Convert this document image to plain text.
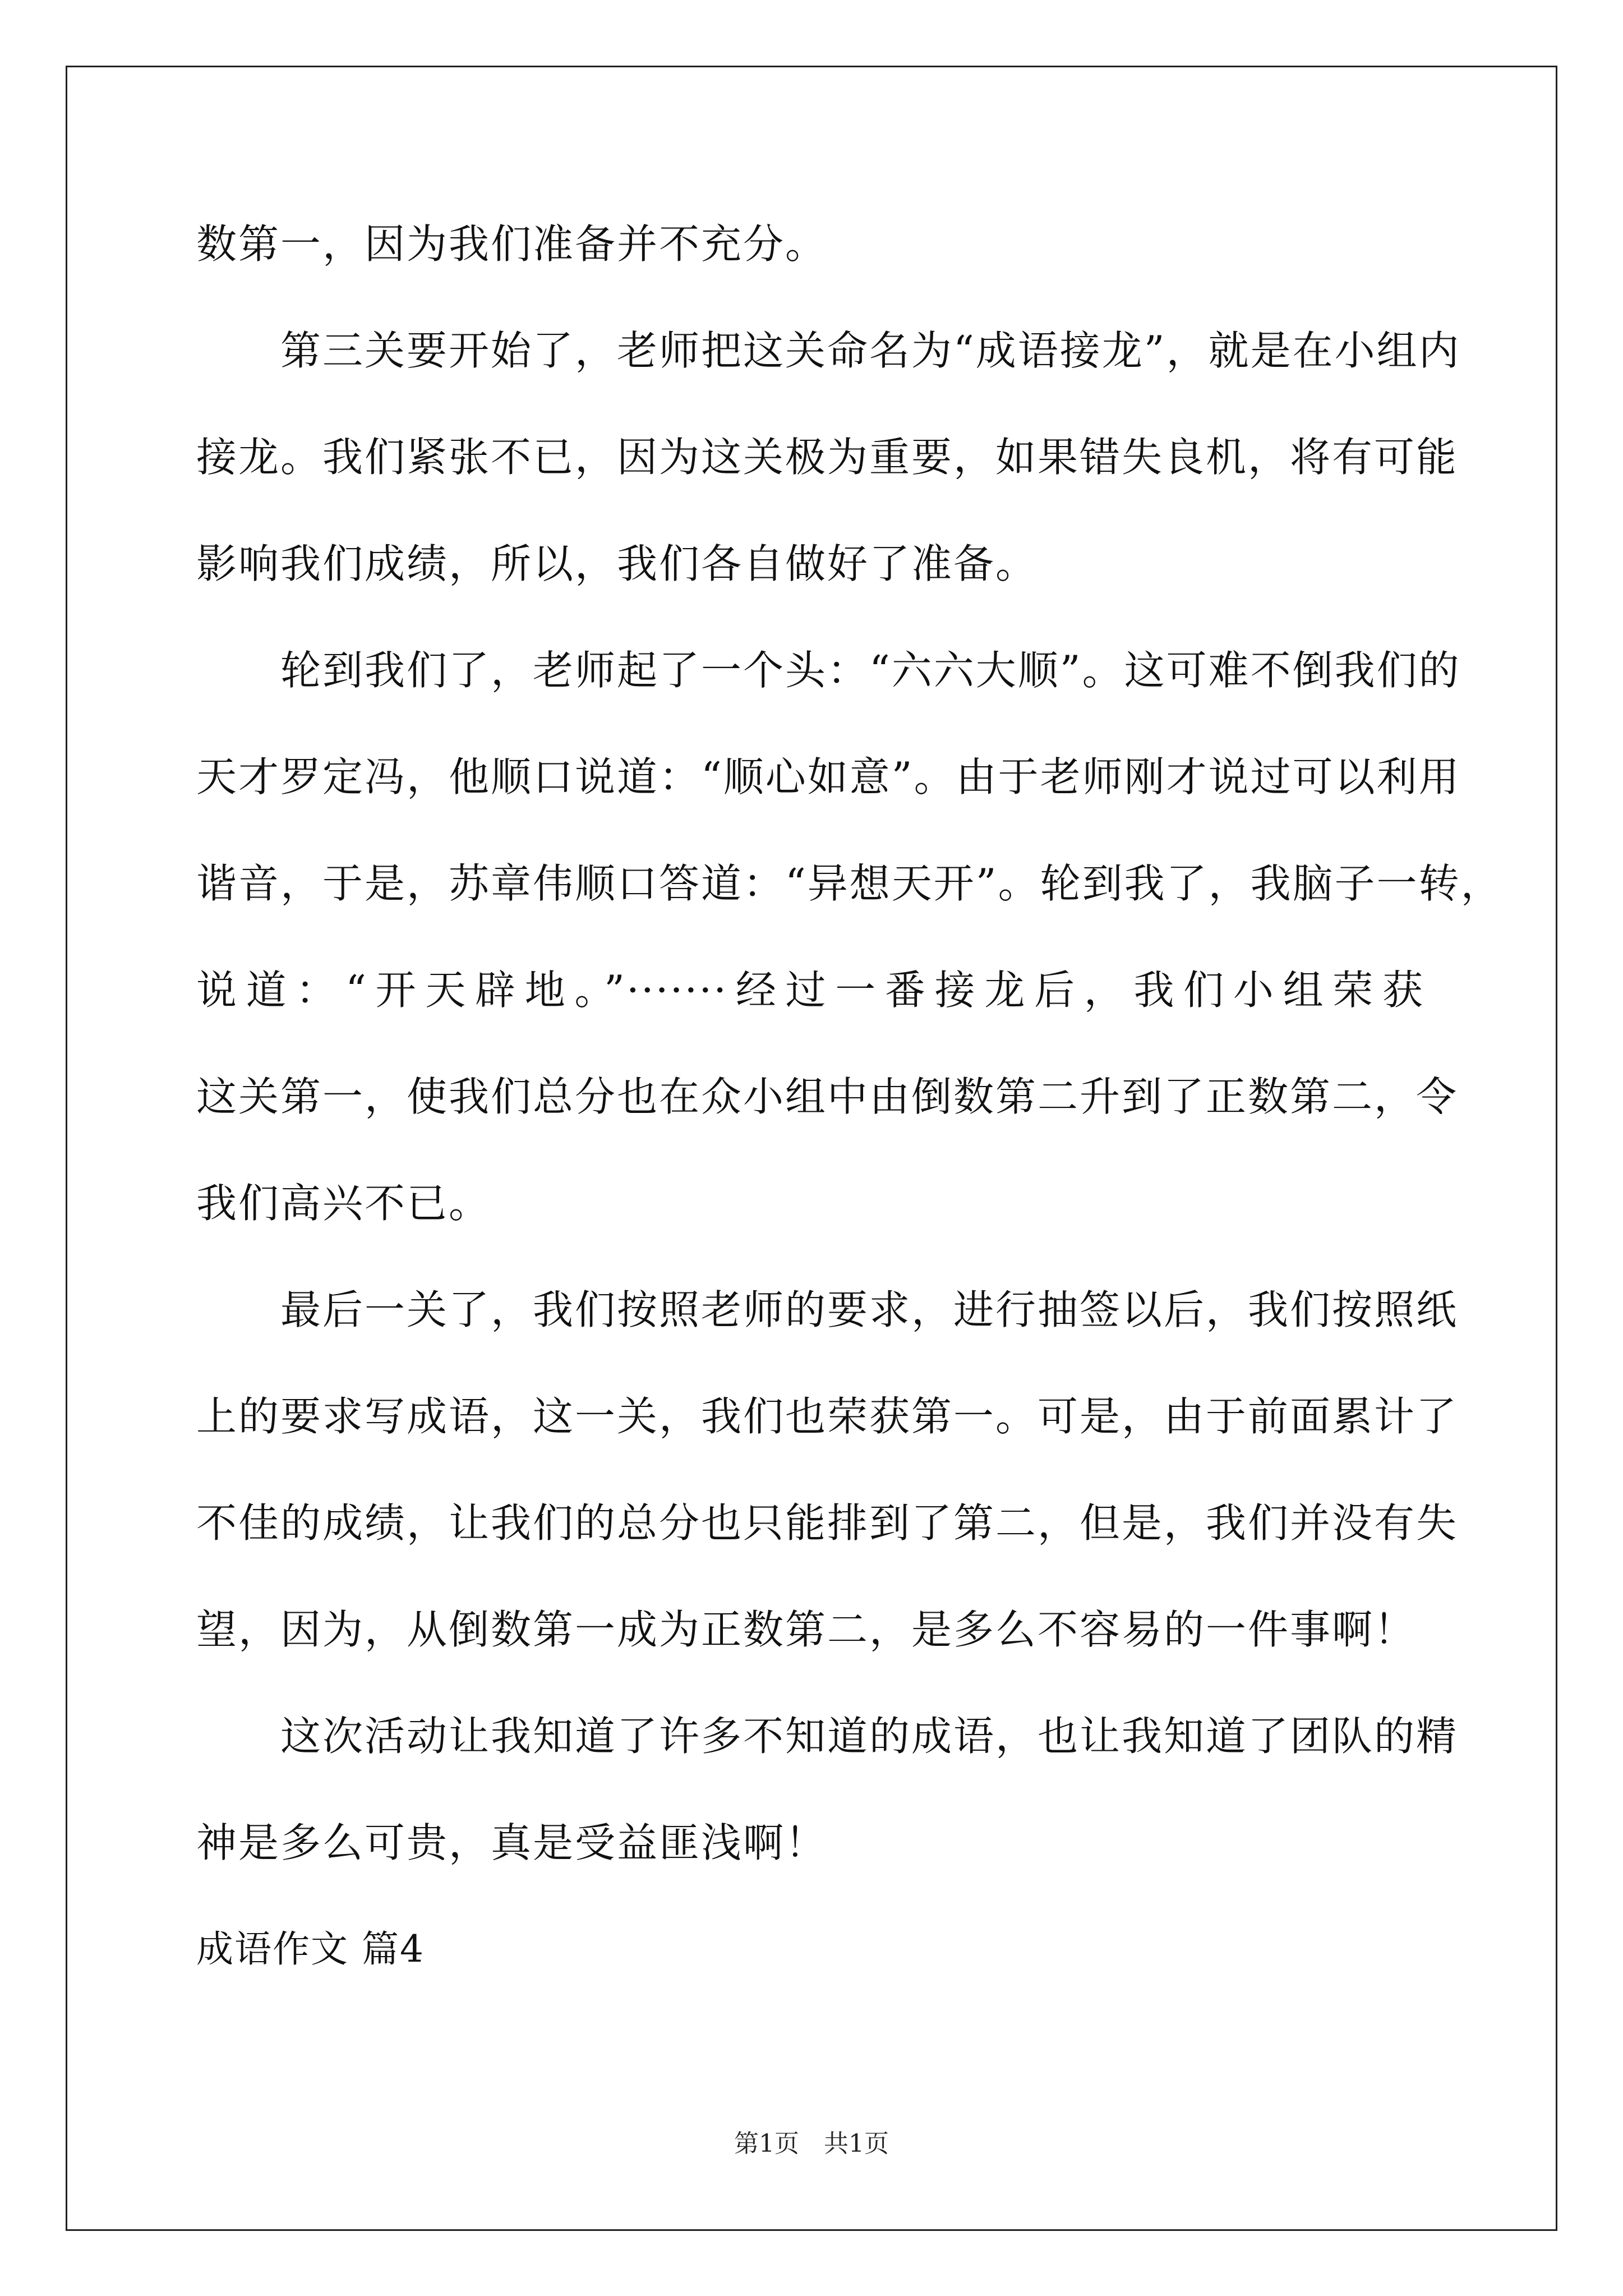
数第一，因为我们准备并不充分。
第三关要开始了，老师把这关命名为“成语接龙”，就是在小组内
接龙。我们紧张不已，因为这关极为重要，如果错失良机，将有可能
影响我们成绩，所以，我们各自做好了准备。
轮到我们了，老师起了一个头：“六六大顺”。这可难不倒我们的
天才罗定冯，他顺口说道：“顺心如意”。由于老师刚才说过可以利用
谐音，于是，苏章伟顺口答道：“异想天开”。轮到我了，我脑子一转，
说道：“开天辟地。”·······经过一番接龙后，我们小组荣获
这关第一，使我们总分也在众小组中由倒数第二升到了正数第二，令
我们高兴不已。
最后一关了，我们按照老师的要求，进行抽签以后，我们按照纸
上的要求写成语，这一关，我们也荣获第一。可是，由于前面累计了
不佳的成绩，让我们的总分也只能排到了第二，但是，我们并没有失
望，因为，从倒数第一成为正数第二，是多么不容易的一件事啊！
这次活动让我知道了许多不知道的成语，也让我知道了团队的精
神是多么可贵，真是受益匪浅啊！
成语作文 篇4
第1页　共1页
